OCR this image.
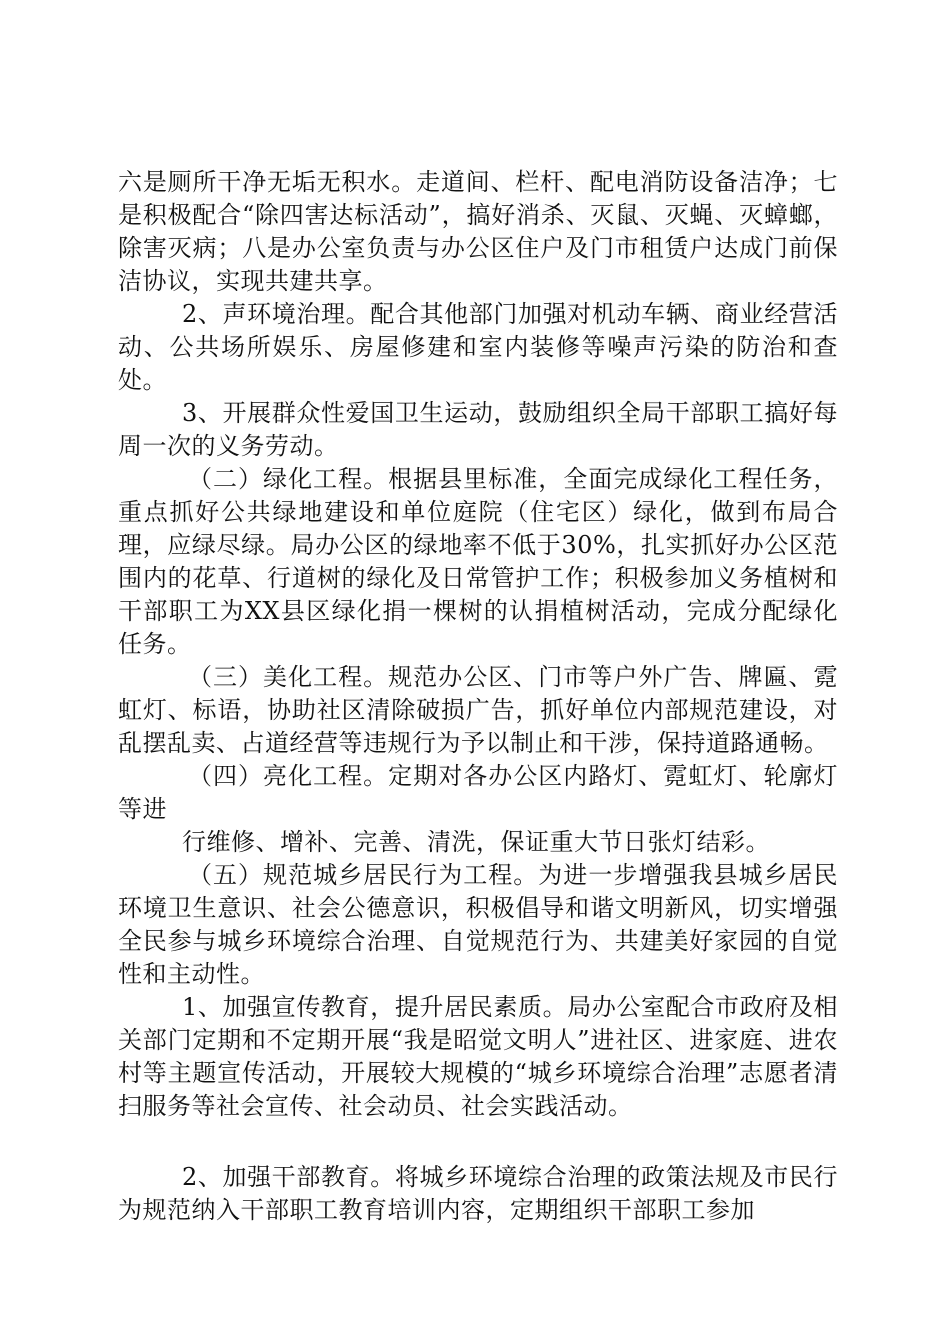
六是厕所干净无垢无积水。走道间、栏杆、配电消防设备洁净；七是积极配合“除四害达标活动”，搞好消杀、灭鼠、灭蝇、灭蟑螂，除害灭病；八是办公室负责与办公区住户及门市租赁户达成门前保洁协议，实现共建共享。

2、声环境治理。配合其他部门加强对机动车辆、商业经营活动、公共场所娱乐、房屋修建和室内装修等噪声污染的防治和查处。

3、开展群众性爱国卫生运动，鼓励组织全局干部职工搞好每周一次的义务劳动。

（二）绿化工程。根据县里标准，全面完成绿化工程任务，重点抓好公共绿地建设和单位庭院（住宅区）绿化，做到布局合理，应绿尽绿。局办公区的绿地率不低于30%，扎实抓好办公区范围内的花草、行道树的绿化及日常管护工作；积极参加义务植树和干部职工为XX县区绿化捐一棵树的认捐植树活动，完成分配绿化任务。

（三）美化工程。规范办公区、门市等户外广告、牌匾、霓虹灯、标语，协助社区清除破损广告，抓好单位内部规范建设，对乱摆乱卖、占道经营等违规行为予以制止和干涉，保持道路通畅。

（四）亮化工程。定期对各办公区内路灯、霓虹灯、轮廓灯等进

行维修、增补、完善、清洗，保证重大节日张灯结彩。

（五）规范城乡居民行为工程。为进一步增强我县城乡居民环境卫生意识、社会公德意识，积极倡导和谐文明新风，切实增强全民参与城乡环境综合治理、自觉规范行为、共建美好家园的自觉性和主动性。

1、加强宣传教育，提升居民素质。局办公室配合市政府及相关部门定期和不定期开展“我是昭觉文明人”进社区、进家庭、进农村等主题宣传活动，开展较大规模的“城乡环境综合治理”志愿者清扫服务等社会宣传、社会动员、社会实践活动。

2、加强干部教育。将城乡环境综合治理的政策法规及市民行为规范纳入干部职工教育培训内容，定期组织干部职工参加
